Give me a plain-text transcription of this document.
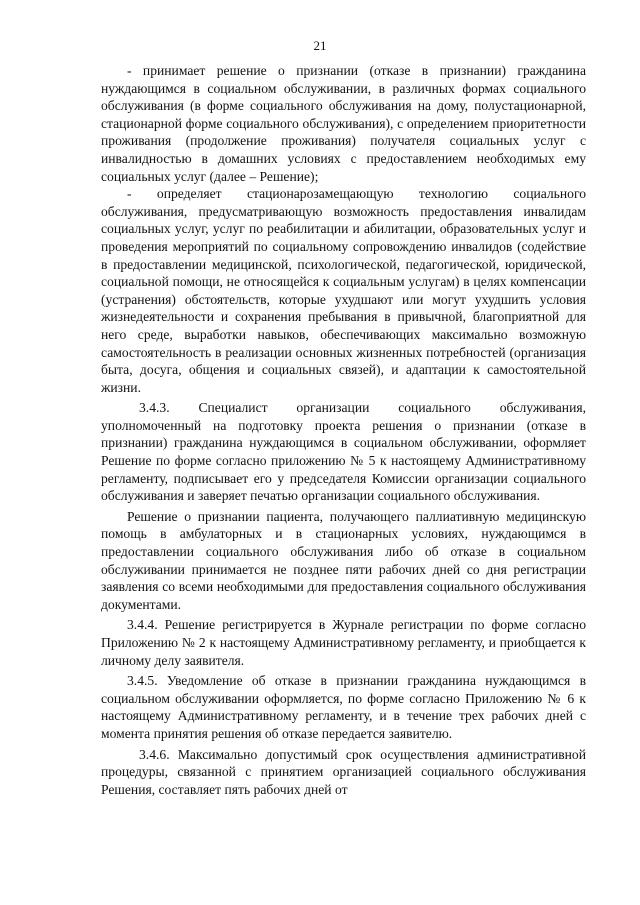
21

- принимает решение о признании (отказе в признании) гражданина нуждающимся в социальном обслуживании, в различных формах социального обслуживания (в форме социального обслуживания на дому, полустационарной, стационарной форме социального обслуживания), с определением приоритетности проживания (продолжение проживания) получателя социальных услуг с инвалидностью в домашних условиях с предоставлением необходимых ему социальных услуг (далее – Решение);

- определяет стационарозамещающую технологию социального обслуживания, предусматривающую возможность предоставления инвалидам социальных услуг, услуг по реабилитации и абилитации, образовательных услуг и проведения мероприятий по социальному сопровождению инвалидов (содействие в предоставлении медицинской, психологической, педагогической, юридической, социальной помощи, не относящейся к социальным услугам) в целях компенсации (устранения) обстоятельств, которые ухудшают или могут ухудшить условия жизнедеятельности и сохранения пребывания в привычной, благоприятной для него среде, выработки навыков, обеспечивающих максимально возможную самостоятельность в реализации основных жизненных потребностей (организация быта, досуга, общения и социальных связей), и адаптации к самостоятельной жизни.

3.4.3. Специалист организации социального обслуживания, уполномоченный на подготовку проекта решения о признании (отказе в признании) гражданина нуждающимся в социальном обслуживании, оформляет Решение по форме согласно приложению № 5 к настоящему Административному регламенту, подписывает его у председателя Комиссии организации социального обслуживания и заверяет печатью организации социального обслуживания.

Решение о признании пациента, получающего паллиативную медицинскую помощь в амбулаторных и в стационарных условиях, нуждающимся в предоставлении социального обслуживания либо об отказе в социальном обслуживании принимается не позднее пяти рабочих дней со дня регистрации заявления со всеми необходимыми для предоставления социального обслуживания документами.

3.4.4. Решение регистрируется в Журнале регистрации по форме согласно Приложению № 2 к настоящему Административному регламенту, и приобщается к личному делу заявителя.

3.4.5. Уведомление об отказе в признании гражданина нуждающимся в социальном обслуживании оформляется, по форме согласно Приложению № 6 к настоящему Административному регламенту, и в течение трех рабочих дней с момента принятия решения об отказе передается заявителю.

3.4.6. Максимально допустимый срок осуществления административной процедуры, связанной с принятием организацией социального обслуживания Решения, составляет пять рабочих дней от
